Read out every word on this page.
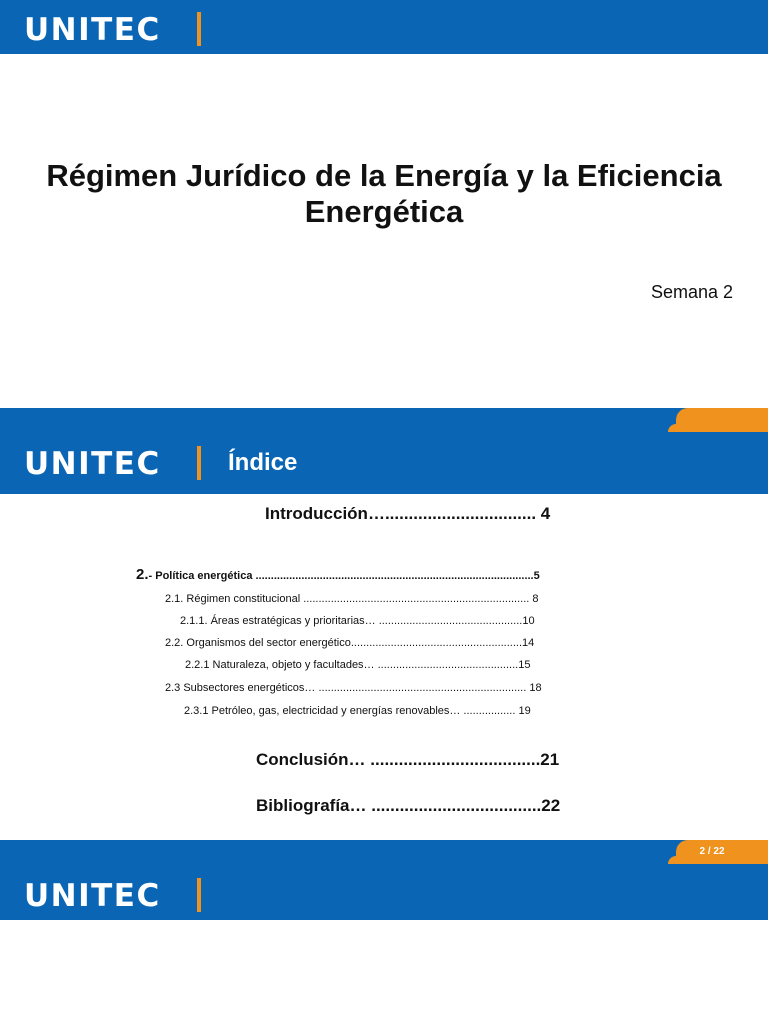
UNITEC
Régimen Jurídico de la Energía y la Eficiencia Energética
Semana 2
UNITEC	Índice
Introducción…................................ 4
2.- Política energética ...........................................................................................5
2.1. Régimen constitucional .......................................................................... 8
2.1.1. Áreas estratégicas y prioritarias… ...............................................10
2.2. Organismos del sector energético........................................................14
2.2.1 Naturaleza, objeto y facultades… ..............................................15
2.3 Subsectores energéticos… .................................................................... 18
2.3.1 Petróleo, gas, electricidad y energías renovables… ................. 19
Conclusión… ....................................21
Bibliografía… ....................................22
2 / 22
UNITEC
